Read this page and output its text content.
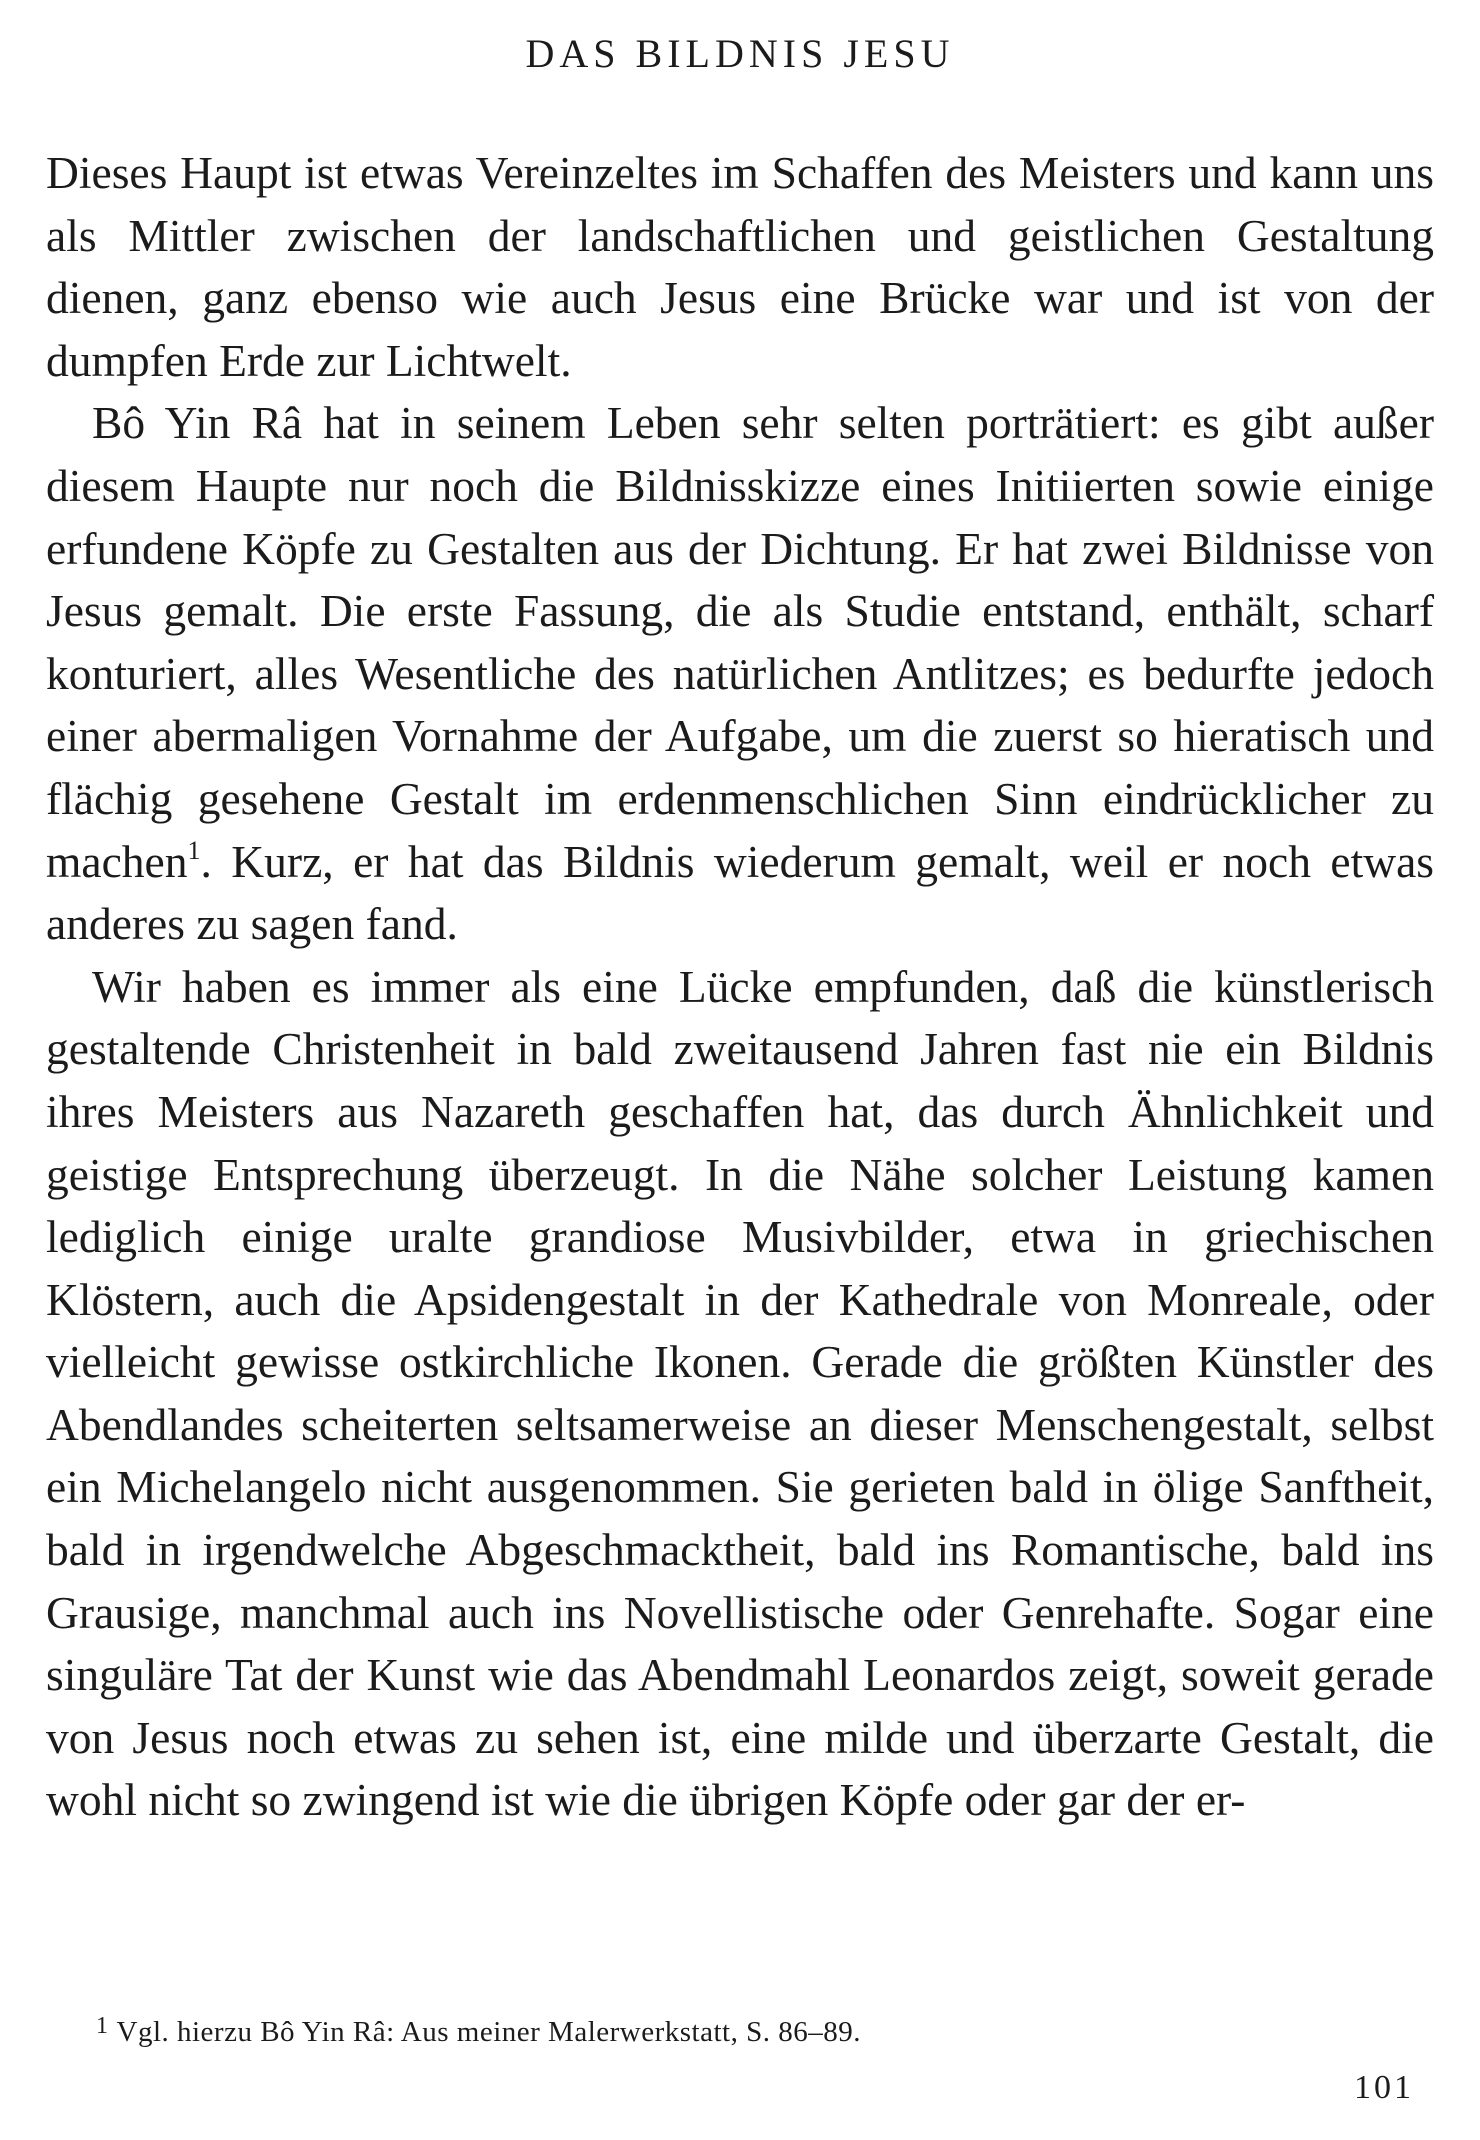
DAS BILDNIS JESU

Dieses Haupt ist etwas Vereinzeltes im Schaffen des Meisters und kann uns als Mittler zwischen der landschaftlichen und geistlichen Gestaltung dienen, ganz ebenso wie auch Jesus eine Brücke war und ist von der dumpfen Erde zur Lichtwelt.

Bô Yin Râ hat in seinem Leben sehr selten porträtiert: es gibt außer diesem Haupte nur noch die Bildnisskizze eines Initiierten sowie einige erfundene Köpfe zu Gestalten aus der Dichtung. Er hat zwei Bildnisse von Jesus gemalt. Die erste Fassung, die als Studie entstand, enthält, scharf konturiert, alles Wesentliche des natürlichen Antlitzes; es bedurfte jedoch einer abermaligen Vornahme der Aufgabe, um die zuerst so hieratisch und flächig gesehene Gestalt im erdenmenschlichen Sinn eindrücklicher zu machen$^1$. Kurz, er hat das Bildnis wiederum gemalt, weil er noch etwas anderes zu sagen fand.

Wir haben es immer als eine Lücke empfunden, daß die künstlerisch gestaltende Christenheit in bald zweitausend Jahren fast nie ein Bildnis ihres Meisters aus Nazareth geschaffen hat, das durch Ähnlichkeit und geistige Entsprechung überzeugt. In die Nähe solcher Leistung kamen lediglich einige uralte grandiose Musivbilder, etwa in griechischen Klöstern, auch die Apsidengestalt in der Kathedrale von Monreale, oder vielleicht gewisse ostkirchliche Ikonen. Gerade die größten Künstler des Abendlandes scheiterten seltsamerweise an dieser Menschengestalt, selbst ein Michelangelo nicht ausgenommen. Sie gerieten bald in ölige Sanftheit, bald in irgendwelche Abgeschmacktheit, bald ins Romantische, bald ins Grausige, manchmal auch ins Novellistische oder Genrehafte. Sogar eine singuläre Tat der Kunst wie das Abendmahl Leonardos zeigt, soweit gerade von Jesus noch etwas zu sehen ist, eine milde und überzarte Gestalt, die wohl nicht so zwingend ist wie die übrigen Köpfe oder gar der er-

$^1$ Vgl. hierzu Bô Yin Râ: Aus meiner Malerwerkstatt, S. 86–89.
101
